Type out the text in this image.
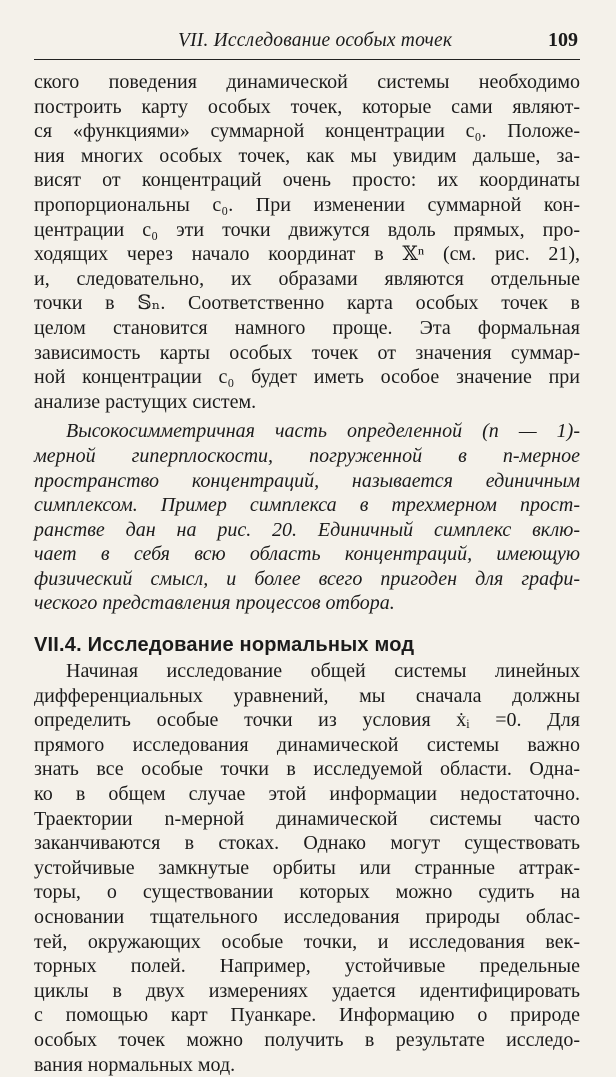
VII. Исследование особых точек	109
ского поведения динамической системы необходимо
построить карту особых точек, которые сами являют-
ся «функциями» суммарной концентрации c₀. Положе-
ния многих особых точек, как мы увидим дальше, за-
висят от концентраций очень просто: их координаты
пропорциональны c₀. При изменении суммарной кон-
центрации c₀ эти точки движутся вдоль прямых, про-
ходящих через начало координат в 𝕏ⁿ (см. рис. 21),
и, следовательно, их образами являются отдельные
точки в 𝕊ₙ. Соответственно карта особых точек в
целом становится намного проще. Эта формальная
зависимость карты особых точек от значения суммар-
ной концентрации c₀ будет иметь особое значение при
анализе растущих систем.
Высокосимметричная часть определенной (n — 1)-
мерной гиперплоскости, погруженной в n-мерное
пространство концентраций, называется единичным
симплексом. Пример симплекса в трехмерном прост-
ранстве дан на рис. 20. Единичный симплекс вклю-
чает в себя всю область концентраций, имеющую
физический смысл, и более всего пригоден для графи-
ческого представления процессов отбора.
VII.4. Исследование нормальных мод
Начиная исследование общей системы линейных
дифференциальных уравнений, мы сначала должны
определить особые точки из условия ẋᵢ =0. Для
прямого исследования динамической системы важно
знать все особые точки в исследуемой области. Одна-
ко в общем случае этой информации недостаточно.
Траектории n-мерной динамической системы часто
заканчиваются в стоках. Однако могут существовать
устойчивые замкнутые орбиты или странные аттрак-
торы, о существовании которых можно судить на
основании тщательного исследования природы облас-
тей, окружающих особые точки, и исследования век-
торных полей. Например, устойчивые предельные
циклы в двух измерениях удается идентифицировать
с помощью карт Пуанкаре. Информацию о природе
особых точек можно получить в результате исследо-
вания нормальных мод.
